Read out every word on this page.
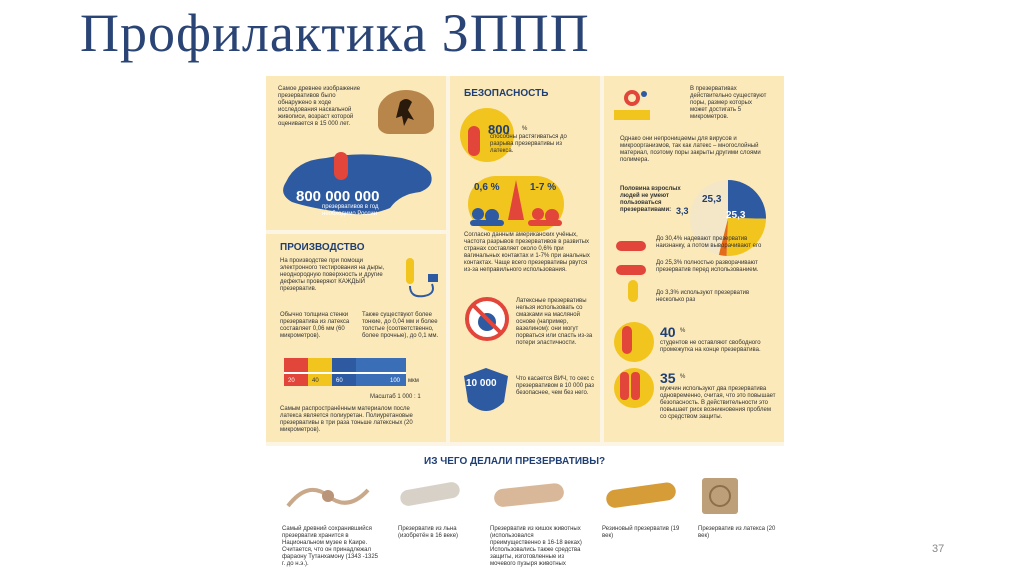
Профилактика ЗППП
Самое древнее изображение презервативов было обнаружено в ходе исследования наскальной живописи, возраст которой оценивается в 15 000 лет.
800 000 000
презервативов в год необходимо России
ПРОИЗВОДСТВО
На производстве при помощи электронного тестирования на дыры, неоднородную поверхность и другие дефекты проверяют КАЖДЫЙ презерватив.
Обычно толщина стенки презерватива из латекса составляет 0,06 мм (60 микрометров).
Также существуют более тонкие, до 0,04 мм и более толстые (соответственно, более прочные), до 0,1 мм.
20	40	60	100 мкм
Масштаб 1 000 : 1
Самым распространённым материалом после латекса является полиуретан. Полиуретановые презервативы в три раза тоньше латексных (20 микрометров).
БЕЗОПАСНОСТЬ
800 %
способны растягиваться до разрыва презервативы из латекса.
0,6 %	1-7 %
Согласно данным американских учёных, частота разрывов презервативов в развитых странах составляет около 0,6% при вагинальных контактах и 1-7% при анальных контактах. Чаще всего презервативы рвутся из-за неправильного использования.
Латексные презервативы нельзя использовать со смазками на масляной основе (например, вазелином): они могут порваться или спасть из-за потери эластичности.
10 000	Что касается ВИЧ, то секс с презервативом в 10 000 раз безопаснее, чем без него.
В презервативах действительно существуют поры, размер которых может достигать 5 микрометров.
Однако они непроницаемы для вирусов и микроорганизмов, так как латекс – многослойный материал, поэтому поры закрыты другими слоями полимера.
Половина взрослых людей не умеют пользоваться презервативами:
25,3
25,3
3,3
До 30,4% надевают презерватив наизнанку, а потом выворачивают его
До 25,3% полностью разворачивают презерватив перед использованием.
До 3,3% используют презерватив несколько раз
40 %
студентов не оставляют свободного промежутка на конце презерватива.
35 %
мужчин используют два презерватива одновременно, считая, что это повышает безопасность. В действительности это повышает риск возникновения проблем со средством защиты.
ИЗ ЧЕГО ДЕЛАЛИ ПРЕЗЕРВАТИВЫ?
Самый древний сохранившийся презерватив хранится в Национальном музее в Каире. Считается, что он принадлежал фараону Тутанхамону (1343 -1325 г. до н.э.).
Презерватив из льна (изобретён в 16 веке)
Презерватив из кишок животных (использовался преимущественно в 16-18 веках) Использовались также средства защиты, изготовленные из мочевого пузыря животных
Резиновый презерватив (19 век)
Презерватив из латекса (20 век)
37
